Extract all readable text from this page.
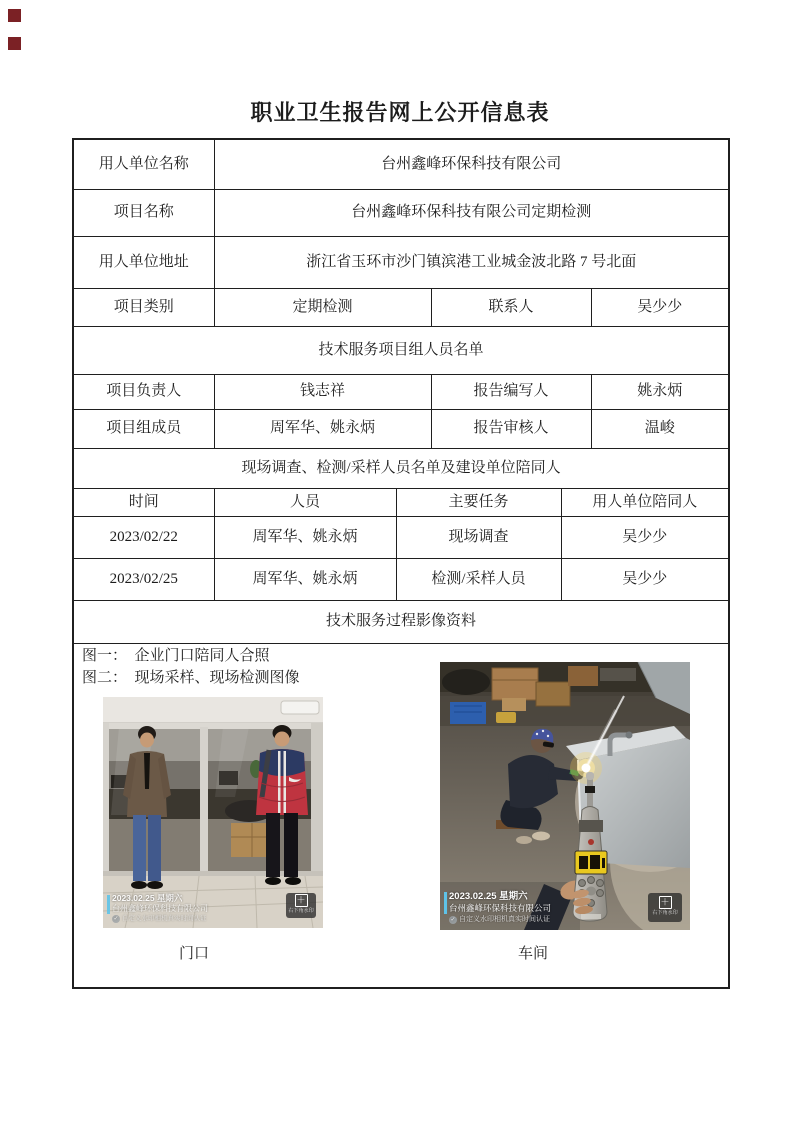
职业卫生报告网上公开信息表
用人单位名称	台州鑫峰环保科技有限公司				
项目名称	台州鑫峰环保科技有限公司定期检测				
用人单位地址	浙江省玉环市沙门镇滨港工业城金波北路 7 号北面				
项目类别	定期检测		联系人		吴少少
技术服务项目组人员名单					
项目负责人	钱志祥		报告编写人		姚永炳
项目组成员	周军华、姚永炳		报告审核人		温峻
现场调查、检测/采样人员名单及建设单位陪同人					
时间	人员	主要任务		用人单位陪同人	
2023/02/22	周军华、姚永炳	现场调查		吴少少	
2023/02/25	周军华、姚永炳	检测/采样人员		吴少少	
技术服务过程影像资料					

图一：  企业门口陪同人合照
图二：  现场采样、现场检测图像
2023.02.25 星期六
台州鑫峰环保科技有限公司
✓ 自定义水印相机真实时间认证
＋
右下角水印
2023.02.25 星期六
台州鑫峰环保科技有限公司
✓ 自定义水印相机真实时间认证
＋
右下角水印
门口	车间
